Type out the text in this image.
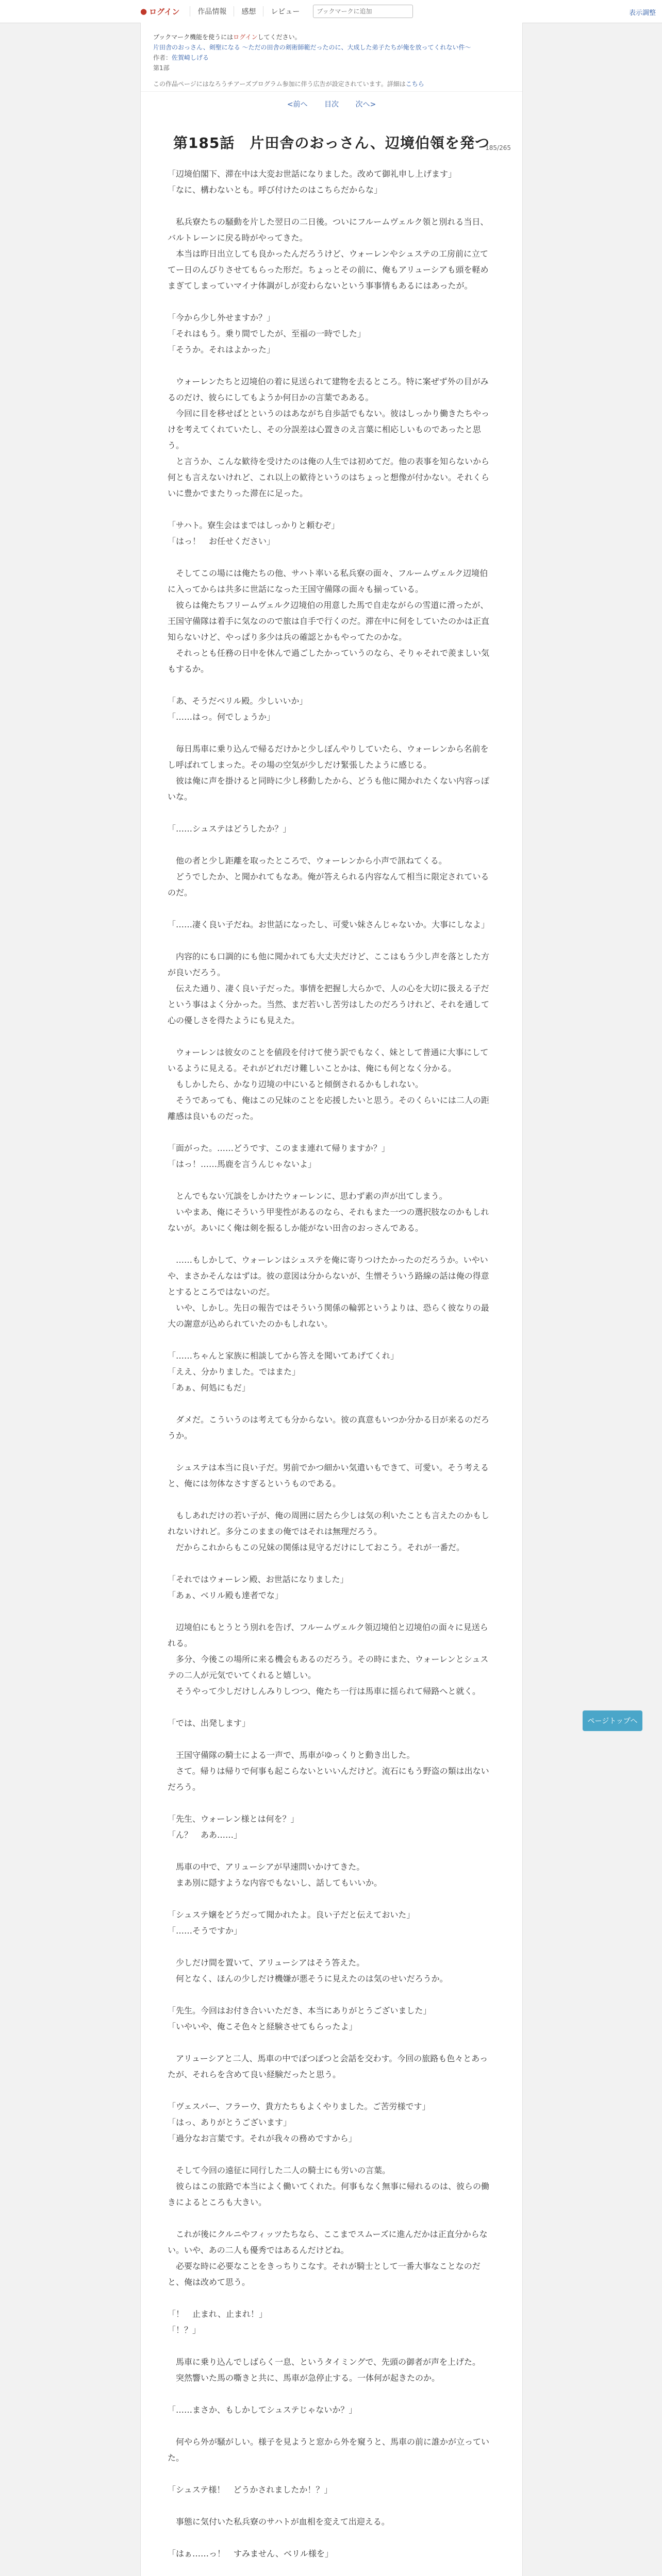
● ログイン	作品情報	感想	レビュー
ブックマークに追加	表示調整
ブックマーク機能を使うにはログインしてください。
片田舎のおっさん、剣聖になる ～ただの田舎の剣術師範だったのに、大成した弟子たちが俺を放ってくれない件～
作者：佐賀崎しげる
第1部
この作品ページにはなろうチアーズプログラム参加に伴う広告が設定されています。詳細はこちら
<前へ 目次 次へ>
185/265
第185話　片田舎のおっさん、辺境伯領を発つ

「辺境伯閣下、滞在中は大変お世話になりました。改めて御礼申し上げます」

「なに、構わないとも。呼び付けたのはこちらだからな」

　私兵寮たちの騒動を片した翌日の二日後。ついにフルームヴェルク領と別れる当日、バルトレーンに戻る時がやってきた。

　本当は昨日出立しても良かったんだろうけど、ウォーレンやシュステの工房前に立ててー日のんびりさせてもらった形だ。ちょっとその前に、俺もアリューシアも頭を軽めまぎてしまっていマイナ体調がしが変わらないという事事情もあるにはあったが。

「今から少し外せますか？」

「それはもう。乗り間でしたが、至福の一時でした」

「そうか。それはよかった」

　ウォーレンたちと辺境伯の着に見送られて建物を去るところ。特に案ぜず外の目がみるのだけ、彼らにしてもようか何日かの言葉であある。

　今回に目を移せばとというのはあながち自歩話でもない。彼はしっかり働きたちやっけを考えてくれていたし、その分誤差は心置きのえ言葉に相応しいものであったと思う。

　と言うか、こんな歓待を受けたのは俺の人生では初めてだ。他の表事を知らないから何とも言えないけれど、これ以上の歓待というのはちょっと想像が付かない。それくらいに豊かでまたりった滞在に足った。

「サハト。寮生会はまではしっかりと頼むぞ」

「はっ！　お任せください」

　そしてこの場には俺たちの他、サハト率いる私兵寮の面々、フルームヴェルク辺境伯に入ってからは共多に世話になった王国守備隊の面々も揃っている。

　彼らは俺たちフリームヴェルク辺境伯の用意した馬で自走ながらの雪道に滑ったが、王国守備隊は着手に気なのので旅は自手で行くのだ。滞在中に何をしていたのかは正直知らないけど、やっぱり多少は兵の確認とかもやってたのかな。

　それっとも任務の日中を休んで過ごしたかっていうのなら、そりゃそれで羨ましい気もするか。

「あ、そうだベリル殿。少しいいか」

「……はっ。何でしょうか」

　毎日馬車に乗り込んで帰るだけかと少しぼんやりしていたら、ウォーレンから名前をし呼ばれてしまった。その場の空気が少しだけ緊張したように感じる。

　彼は俺に声を掛けると同時に少し移動したから、どうも他に聞かれたくない内容っぽいな。

「……シュステはどうしたか？」

　他の者と少し距離を取ったところで、ウォーレンから小声で訊ねてくる。

　どうでしたか、と聞かれてもなあ。俺が答えられる内容なんて相当に限定されているのだ。

「……凄く良い子だね。お世話になったし、可愛い妹さんじゃないか。大事にしなよ」

　内容的にも口調的にも他に聞かれても大丈夫だけど、ここはもう少し声を落とした方が良いだろう。

　伝えた通り、凄く良い子だった。事情を把握し大らかで、人の心を大切に扱える子だという事はよく分かった。当然、まだ若いし苦労はしたのだろうけれど、それを通して心の優しさを得たようにも見えた。

　ウォーレンは彼女のことを値段を付けて使う訳でもなく、妹として普通に大事にしているように見える。それがどれだけ難しいことかは、俺にも何となく分かる。

　もしかしたら、かなり辺境の中にいると傾倒されるかもしれない。

　そうであっても、俺はこの兄妹のことを応援したいと思う。そのくらいには二人の距離感は良いものだった。

「面がった。……どうです、このまま連れて帰りますか？」

「はっ！……馬鹿を言うんじゃないよ」

　とんでもない冗談をしかけたウォーレンに、思わず素の声が出てしまう。

　いやまあ、俺にそういう甲斐性があるのなら、それもまた一つの選択肢なのかもしれないが。あいにく俺は剣を振るしか能がない田舎のおっさんである。

　……もしかして、ウォーレンはシュステを俺に寄りつけたかったのだろうか。いやいや、まさかそんなはずは。彼の意図は分からないが、生憎そういう路線の話は俺の得意とするところではないのだ。

　いや、しかし。先日の報告ではそういう関係の輪郭というよりは、恐らく彼なりの最大の謝意が込められていたのかもしれない。

「……ちゃんと家族に相談してから答えを聞いてあげてくれ」

「ええ、分かりました。ではまた」

「あぁ、何処にもだ」

　ダメだ。こういうのは考えても分からない。彼の真意もいつか分かる日が来るのだろうか。

　シュステは本当に良い子だ。男前でかつ細かい気遣いもできて、可愛い。そう考えると、俺には勿体なさすぎるというものである。

　もしあれだけの若い子が、俺の周囲に居たら少しは気の利いたことも言えたのかもしれないけれど。多分このままの俺ではそれは無理だろう。

　だからこれからもこの兄妹の関係は見守るだけにしておこう。それが一番だ。

「それではウォーレン殿、お世話になりました」

「あぁ、ベリル殿も達者でな」

　辺境伯にもとうとう別れを告げ、フルームヴェルク領辺境伯と辺境伯の面々に見送られる。

　多分、今後この場所に来る機会もあるのだろう。その時にまた、ウォーレンとシュステの二人が元気でいてくれると嬉しい。

　そうやって少しだけしんみりしつつ、俺たち一行は馬車に揺られて帰路へと就く。

「では、出発します」

　王国守備隊の騎士による一声で、馬車がゆっくりと動き出した。

　さて。帰りは帰りで何事も起こらないといいんだけど。流石にもう野盗の類は出ないだろう。

「先生、ウォーレン様とは何を？」

「ん？　ああ……」

　馬車の中で、アリューシアが早速問いかけてきた。

　まあ別に隠すような内容でもないし、話してもいいか。

「シュステ嬢をどうだって聞かれたよ。良い子だと伝えておいた」

「……そうですか」

　少しだけ間を置いて、アリューシアはそう答えた。

　何となく、ほんの少しだけ機嫌が悪そうに見えたのは気のせいだろうか。

「先生。今回はお付き合いいただき、本当にありがとうございました」

「いやいや、俺こそ色々と経験させてもらったよ」

　アリューシアと二人、馬車の中でぽつぽつと会話を交わす。今回の旅路も色々とあったが、それらを含めて良い経験だったと思う。

「ヴェスパー、フラーウ、貴方たちもよくやりました。ご苦労様です」

「はっ、ありがとうございます」

「過分なお言葉です。それが我々の務めですから」

　そして今回の遠征に同行した二人の騎士にも労いの言葉。

　彼らはこの旅路で本当によく働いてくれた。何事もなく無事に帰れるのは、彼らの働きによるところも大きい。

　これが後にクルニやフィッツたちなら、ここまでスムーズに進んだかは正直分からない。いや、あの二人も優秀ではあるんだけどね。

　必要な時に必要なことをきっちりこなす。それが騎士として一番大事なことなのだと、俺は改めて思う。

「！　止まれ、止まれ！」

「！？」

　馬車に乗り込んでしばらく一息、というタイミングで、先頭の御者が声を上げた。

　突然響いた馬の嘶きと共に、馬車が急停止する。一体何が起きたのか。

「……まさか、もしかしてシュステじゃないか？」

　何やら外が騒がしい。様子を見ようと窓から外を窺うと、馬車の前に誰かが立っていた。

「シュステ様！　どうかされましたか！？」

　事態に気付いた私兵寮のサハトが血相を変えて出迎える。

「はぁ……っ！　すみません、ベリル様を」

ページトップへ
